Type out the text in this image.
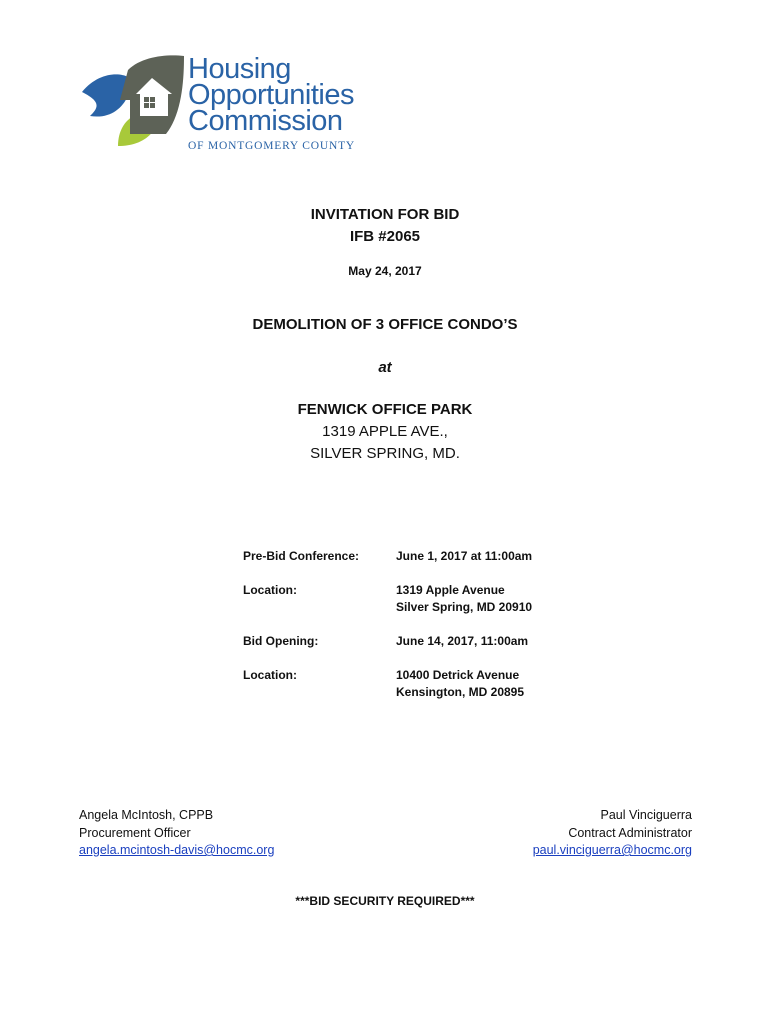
Housing
Opportunities
Commission
OF MONTGOMERY COUNTY
INVITATION FOR BID
IFB #2065
May 24, 2017
DEMOLITION OF 3 OFFICE CONDO’S
at
FENWICK OFFICE PARK
1319 APPLE AVE.,
SILVER SPRING, MD.
Pre-Bid Conference:	June 1, 2017 at 11:00am
Location:	1319 Apple Avenue
Silver Spring, MD 20910
Bid Opening:	June 14, 2017, 11:00am
Location:	10400 Detrick Avenue
Kensington, MD 20895
Angela McIntosh, CPPB
Procurement Officer
angela.mcintosh-davis@hocmc.org
Paul Vinciguerra
Contract Administrator
paul.vinciguerra@hocmc.org
***BID SECURITY REQUIRED***
